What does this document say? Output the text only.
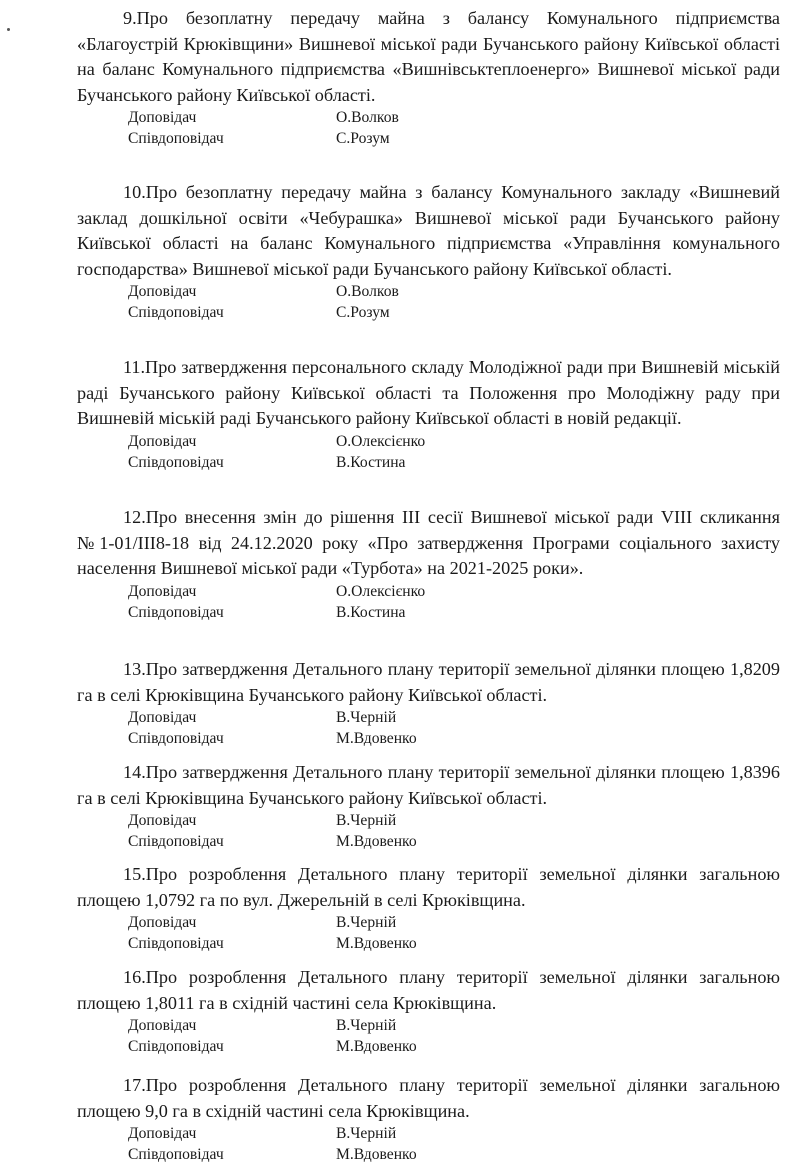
9.Про безоплатну передачу майна з балансу Комунального підприємства «Благоустрій Крюківщини» Вишневої міської ради Бучанського району Київської області на баланс Комунального підприємства «Вишнівськтеплоенерго» Вишневої міської ради Бучанського району Київської області.

Доповідач	О.Волков
Співдоповідач	С.Розум

10.Про безоплатну передачу майна з балансу Комунального закладу «Вишневий заклад дошкільної освіти «Чебурашка» Вишневої міської ради Бучанського району Київської області на баланс Комунального підприємства «Управління комунального господарства» Вишневої міської ради Бучанського району Київської області.

Доповідач	О.Волков
Співдоповідач	С.Розум

11.Про затвердження персонального складу Молодіжної ради при Вишневій міській раді Бучанського району Київської області та Положення про Молодіжну раду при Вишневій міській раді Бучанського району Київської області в новій редакції.

Доповідач	О.Олексієнко
Співдоповідач	В.Костина

12.Про внесення змін до рішення III сесії Вишневої міської ради VIII скликання №1-01/III8-18 від 24.12.2020 року «Про затвердження Програми соціального захисту населення Вишневої міської ради «Турбота» на 2021-2025 роки».

Доповідач	О.Олексієнко
Співдоповідач	В.Костина

13.Про затвердження Детального плану території земельної ділянки площею 1,8209 га в селі Крюківщина Бучанського району Київської області.

Доповідач	В.Черній
Співдоповідач	М.Вдовенко

14.Про затвердження Детального плану території земельної ділянки площею 1,8396 га в селі Крюківщина Бучанського району Київської області.

Доповідач	В.Черній
Співдоповідач	М.Вдовенко

15.Про розроблення Детального плану території земельної ділянки загальною площею 1,0792 га по вул. Джерельній в селі Крюківщина.

Доповідач	В.Черній
Співдоповідач	М.Вдовенко

16.Про розроблення Детального плану території земельної ділянки загальною площею 1,8011 га в східній частині села Крюківщина.

Доповідач	В.Черній
Співдоповідач	М.Вдовенко

17.Про розроблення Детального плану території земельної ділянки загальною площею 9,0 га в східній частині села Крюківщина.

Доповідач	В.Черній
Співдоповідач	М.Вдовенко
